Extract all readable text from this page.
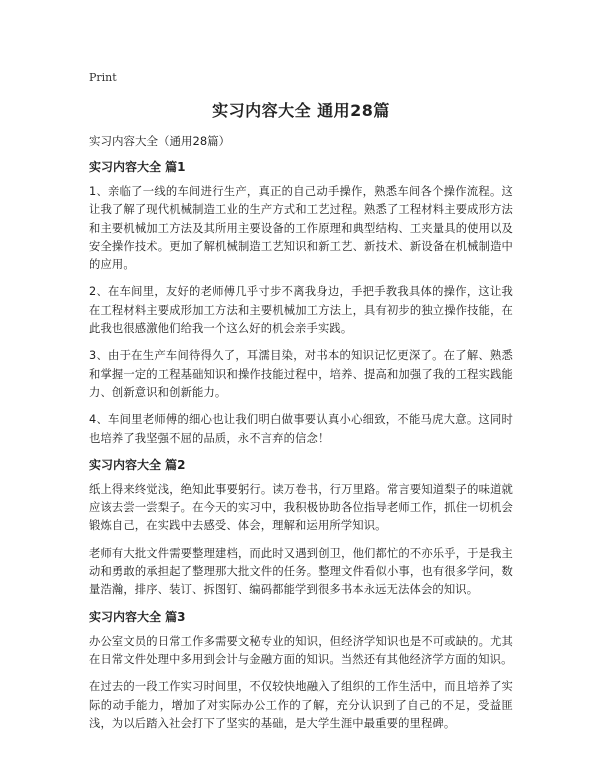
Print
实习内容大全 通用28篇

实习内容大全（通用28篇）

实习内容大全 篇1

1、亲临了一线的车间进行生产，真正的自己动手操作，熟悉车间各个操作流程。这让我了解了现代机械制造工业的生产方式和工艺过程。熟悉了工程材料主要成形方法和主要机械加工方法及其所用主要设备的工作原理和典型结构、工夹量具的使用以及安全操作技术。更加了解机械制造工艺知识和新工艺、新技术、新设备在机械制造中的应用。

2、在车间里，友好的老师傅几乎寸步不离我身边，手把手教我具体的操作，这让我在工程材料主要成形加工方法和主要机械加工方法上，具有初步的独立操作技能，在此我也很感激他们给我一个这么好的机会亲手实践。

3、由于在生产车间待得久了，耳濡目染，对书本的知识记忆更深了。在了解、熟悉和掌握一定的工程基础知识和操作技能过程中，培养、提高和加强了我的工程实践能力、创新意识和创新能力。

4、车间里老师傅的细心也让我们明白做事要认真小心细致，不能马虎大意。这同时也培养了我坚强不屈的品质，永不言弃的信念！

实习内容大全 篇2

纸上得来终觉浅，绝知此事要躬行。读万卷书，行万里路。常言要知道梨子的味道就应该去尝一尝梨子。在今天的实习中，我积极协助各位指导老师工作，抓住一切机会锻炼自己，在实践中去感受、体会，理解和运用所学知识。

老师有大批文件需要整理建档，而此时又遇到创卫，他们都忙的不亦乐乎，于是我主动和勇敢的承担起了整理那大批文件的任务。整理文件看似小事，也有很多学问，数量浩瀚，排序、装订、拆图钉、编码都能学到很多书本永远无法体会的知识。

实习内容大全 篇3

办公室文员的日常工作多需要文秘专业的知识，但经济学知识也是不可或缺的。尤其在日常文件处理中多用到会计与金融方面的知识。当然还有其他经济学方面的知识。

在过去的一段工作实习时间里，不仅较快地融入了组织的工作生活中，而且培养了实际的动手能力，增加了对实际办公工作的了解，充分认识到了自己的不足，受益匪浅，为以后踏入社会打下了坚实的基础，是大学生涯中最重要的里程碑。
